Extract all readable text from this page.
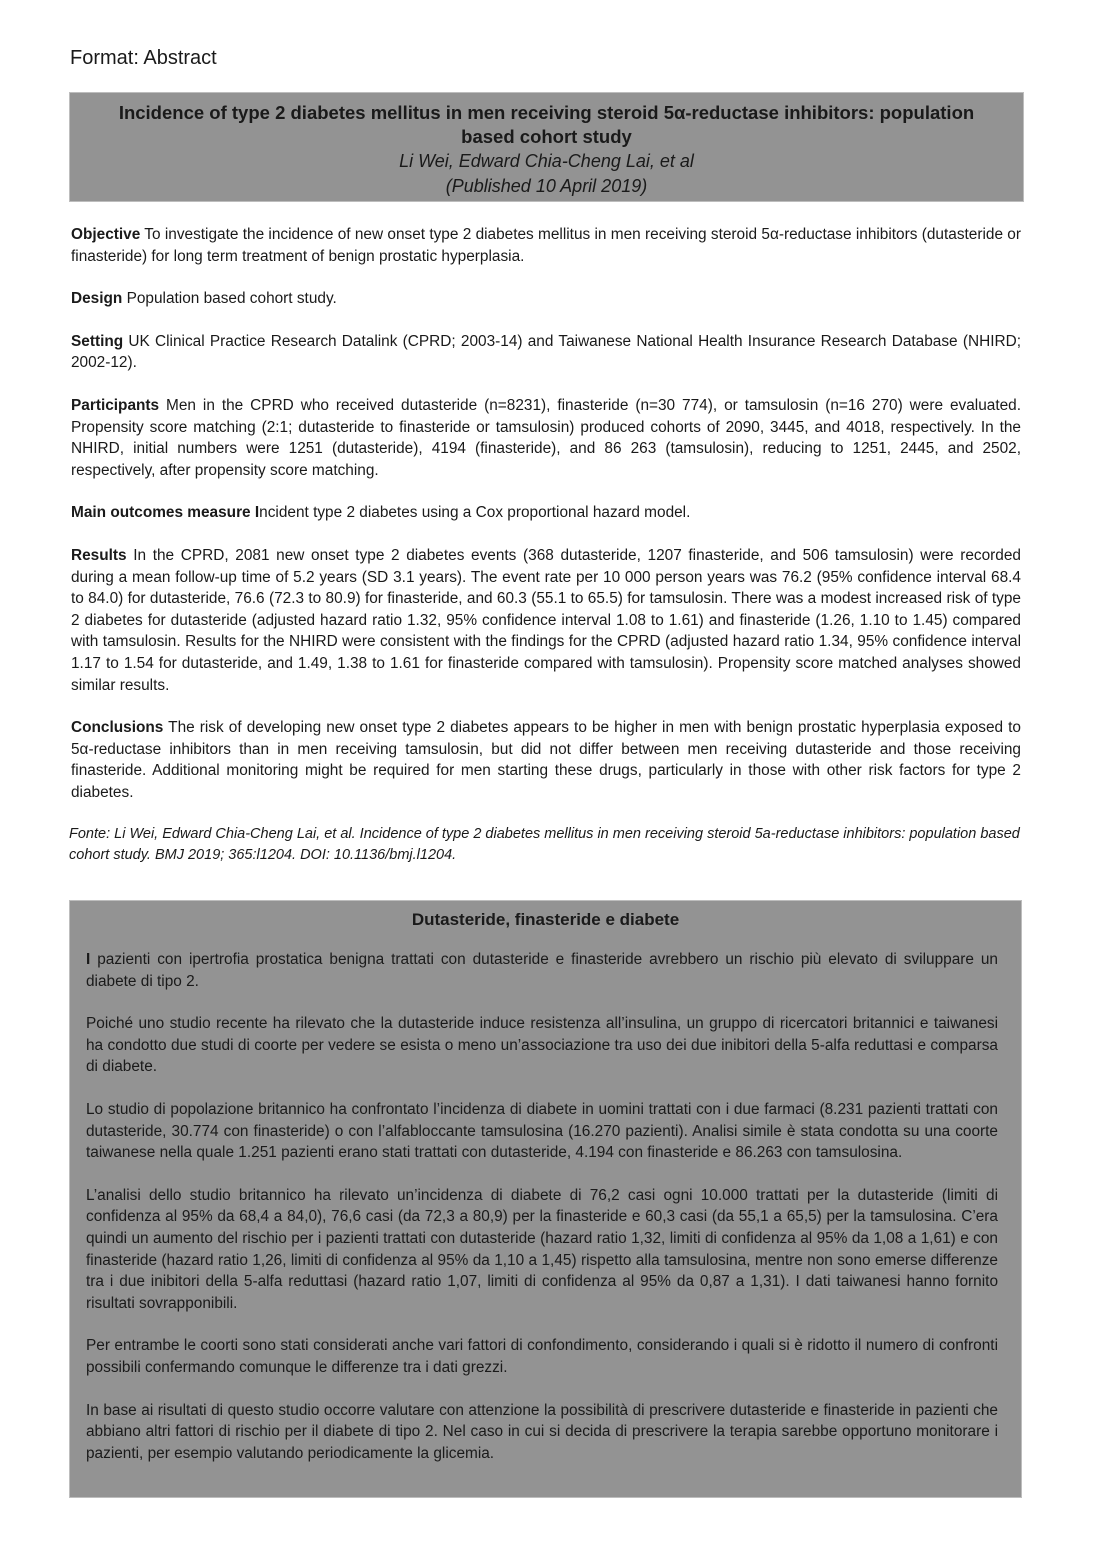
Format: Abstract
Incidence of type 2 diabetes mellitus in men receiving steroid 5α-reductase inhibitors: population based cohort study
Li Wei, Edward Chia-Cheng Lai, et al
(Published 10 April 2019)

Objective To investigate the incidence of new onset type 2 diabetes mellitus in men receiving steroid 5α-reductase inhibitors (dutasteride or finasteride) for long term treatment of benign prostatic hyperplasia.

Design Population based cohort study.

Setting UK Clinical Practice Research Datalink (CPRD; 2003-14) and Taiwanese National Health Insurance Research Database (NHIRD; 2002-12).

Participants Men in the CPRD who received dutasteride (n=8231), finasteride (n=30 774), or tamsulosin (n=16 270) were evaluated. Propensity score matching (2:1; dutasteride to finasteride or tamsulosin) produced cohorts of 2090, 3445, and 4018, respectively. In the NHIRD, initial numbers were 1251 (dutasteride), 4194 (finasteride), and 86 263 (tamsulosin), reducing to 1251, 2445, and 2502, respectively, after propensity score matching.

Main outcomes measure Incident type 2 diabetes using a Cox proportional hazard model.

Results In the CPRD, 2081 new onset type 2 diabetes events (368 dutasteride, 1207 finasteride, and 506 tamsulosin) were recorded during a mean follow-up time of 5.2 years (SD 3.1 years). The event rate per 10 000 person years was 76.2 (95% confidence interval 68.4 to 84.0) for dutasteride, 76.6 (72.3 to 80.9) for finasteride, and 60.3 (55.1 to 65.5) for tamsulosin. There was a modest increased risk of type 2 diabetes for dutasteride (adjusted hazard ratio 1.32, 95% confidence interval 1.08 to 1.61) and finasteride (1.26, 1.10 to 1.45) compared with tamsulosin. Results for the NHIRD were consistent with the findings for the CPRD (adjusted hazard ratio 1.34, 95% confidence interval 1.17 to 1.54 for dutasteride, and 1.49, 1.38 to 1.61 for finasteride compared with tamsulosin). Propensity score matched analyses showed similar results.

Conclusions The risk of developing new onset type 2 diabetes appears to be higher in men with benign prostatic hyperplasia exposed to 5α-reductase inhibitors than in men receiving tamsulosin, but did not differ between men receiving dutasteride and those receiving finasteride. Additional monitoring might be required for men starting these drugs, particularly in those with other risk factors for type 2 diabetes.

Fonte: Li Wei, Edward Chia-Cheng Lai, et al. Incidence of type 2 diabetes mellitus in men receiving steroid 5a-reductase inhibitors: population based cohort study. BMJ 2019; 365:l1204. DOI: 10.1136/bmj.l1204.
Dutasteride, finasteride e diabete

I pazienti con ipertrofia prostatica benigna trattati con dutasteride e finasteride avrebbero un rischio più elevato di sviluppare un diabete di tipo 2.

Poiché uno studio recente ha rilevato che la dutasteride induce resistenza all’insulina, un gruppo di ricercatori britannici e taiwanesi ha condotto due studi di coorte per vedere se esista o meno un’associazione tra uso dei due inibitori della 5-alfa reduttasi e comparsa di diabete.

Lo studio di popolazione britannico ha confrontato l’incidenza di diabete in uomini trattati con i due farmaci (8.231 pazienti trattati con dutasteride, 30.774 con finasteride) o con l’alfabloccante tamsulosina (16.270 pazienti). Analisi simile è stata condotta su una coorte taiwanese nella quale 1.251 pazienti erano stati trattati con dutasteride, 4.194 con finasteride e 86.263 con tamsulosina.

L’analisi dello studio britannico ha rilevato un’incidenza di diabete di 76,2 casi ogni 10.000 trattati per la dutasteride (limiti di confidenza al 95% da 68,4 a 84,0), 76,6 casi (da 72,3 a 80,9) per la finasteride e 60,3 casi (da 55,1 a 65,5) per la tamsulosina. C’era quindi un aumento del rischio per i pazienti trattati con dutasteride (hazard ratio 1,32, limiti di confidenza al 95% da 1,08 a 1,61) e con finasteride (hazard ratio 1,26, limiti di confidenza al 95% da 1,10 a 1,45) rispetto alla tamsulosina, mentre non sono emerse differenze tra i due inibitori della 5-alfa reduttasi (hazard ratio 1,07, limiti di confidenza al 95% da 0,87 a 1,31). I dati taiwanesi hanno fornito risultati sovrapponibili.

Per entrambe le coorti sono stati considerati anche vari fattori di confondimento, considerando i quali si è ridotto il numero di confronti possibili confermando comunque le differenze tra i dati grezzi.

In base ai risultati di questo studio occorre valutare con attenzione la possibilità di prescrivere dutasteride e finasteride in pazienti che abbiano altri fattori di rischio per il diabete di tipo 2. Nel caso in cui si decida di prescrivere la terapia sarebbe opportuno monitorare i pazienti, per esempio valutando periodicamente la glicemia.
